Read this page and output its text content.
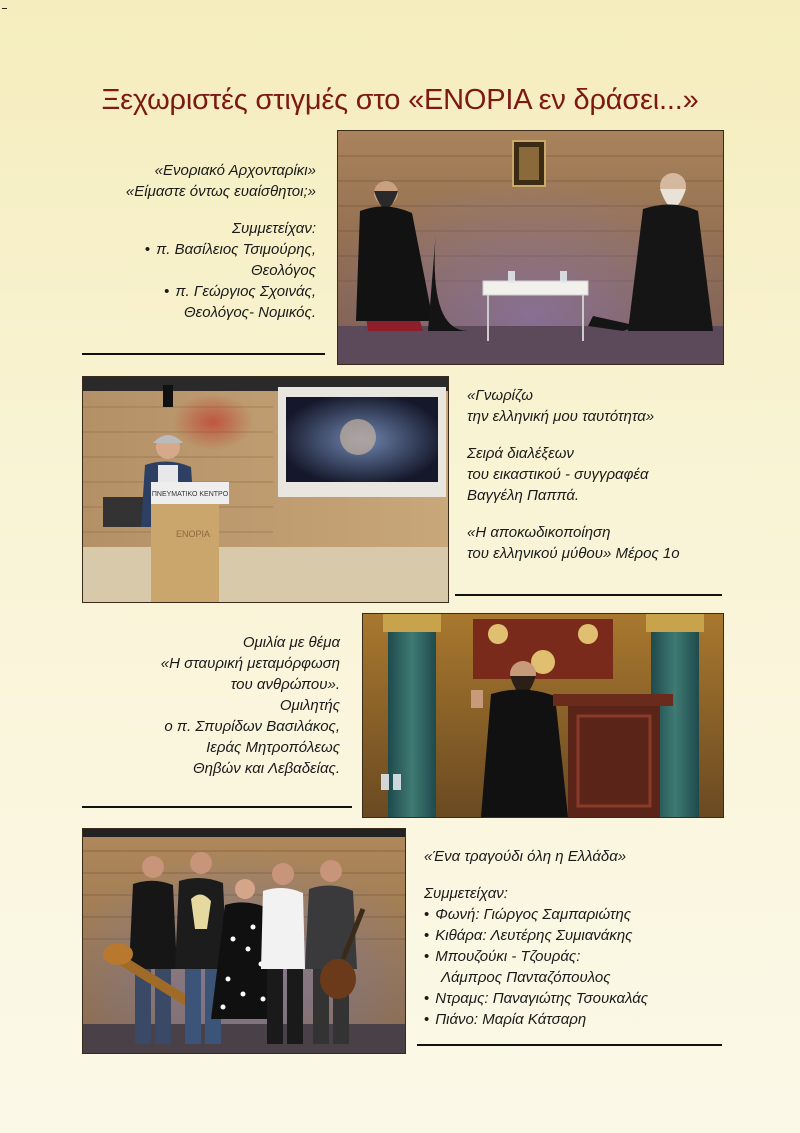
Ξεχωριστές στιγμές στο «ΕΝΟΡΙΑ εν δράσει...»
«Ενοριακό Αρχονταρίκι»
«Είμαστε όντως ευαίσθητοι;»
Συμμετείχαν:
• π. Βασίλειος Τσιμούρης,
Θεολόγος
• π. Γεώργιος Σχοινάς,
Θεολόγος- Νομικός.
ΠΝΕΥΜΑΤΙΚΟ ΚΕΝΤΡΟ
ΕΝΟΡΙΑ
«Γνωρίζω
την ελληνική μου ταυτότητα»
Σειρά διαλέξεων
του εικαστικού - συγγραφέα
Βαγγέλη Παππά.
«Η αποκωδικοποίηση
του ελληνικού μύθου» Μέρος 1ο
Ομιλία με θέμα
«Η σταυρική μεταμόρφωση
του ανθρώπου».
Ομιλητής
ο π. Σπυρίδων Βασιλάκος,
Ιεράς Μητροπόλεως
Θηβών και Λεβαδείας.
«Ένα τραγούδι όλη η Ελλάδα»
Συμμετείχαν:
• Φωνή: Γιώργος Σαμπαριώτης
• Κιθάρα: Λευτέρης Συμιανάκης
• Μπουζούκι - Τζουράς:
Λάμπρος Πανταζόπουλος
• Ντραμς: Παναγιώτης Τσουκαλάς
• Πιάνο: Μαρία Κάτσαρη
